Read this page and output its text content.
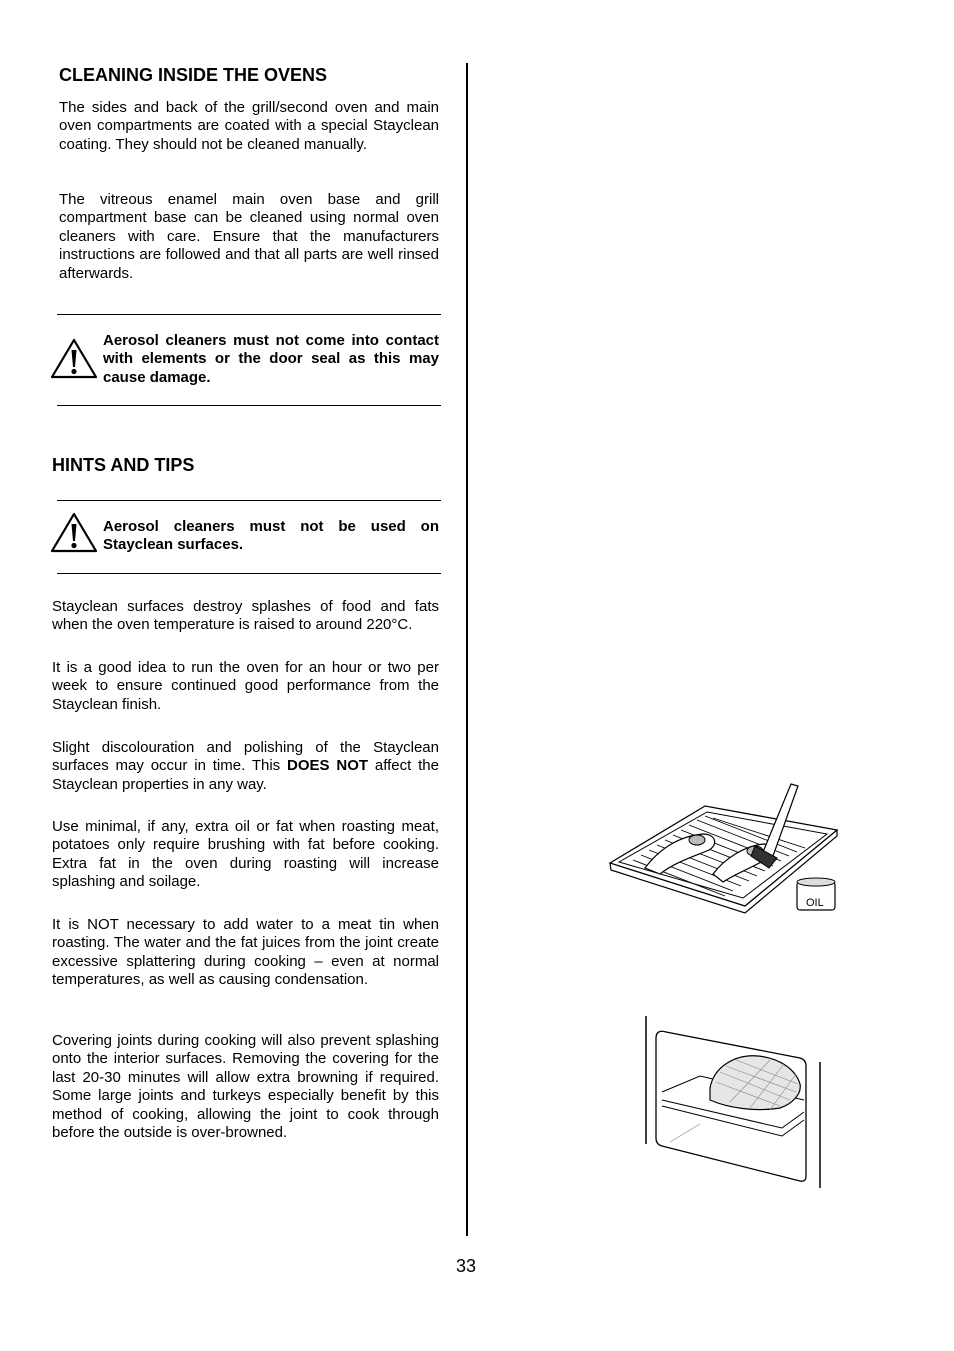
CLEANING INSIDE THE OVENS

The sides and back of the grill/second oven and main oven compartments are coated with a special Stayclean coating. They should not be cleaned manually.

The vitreous enamel main oven base and grill compartment base can be cleaned using normal oven cleaners with care. Ensure that the manufacturers instructions are followed and that all parts are well rinsed afterwards.

Aerosol cleaners must not come into contact with elements or the door seal as this may cause damage.

HINTS AND TIPS

Aerosol cleaners must not be used on Stayclean surfaces.

Stayclean surfaces destroy splashes of food and fats when the oven temperature is raised to around 220°C.

It is a good idea to run the oven for an hour or two per week to ensure continued good performance from the Stayclean finish.

Slight discolouration and polishing of the Stayclean surfaces may occur in time. This DOES NOT affect the Stayclean properties in any way.

Use minimal, if any, extra oil or fat when roasting meat, potatoes only require brushing with fat before cooking. Extra fat in the oven during roasting will increase splashing and soilage.

It is NOT necessary to add water to a meat tin when roasting. The water and the fat juices from the joint create excessive splattering during cooking – even at normal temperatures, as well as causing condensation.

Covering joints during cooking will also prevent splashing onto the interior surfaces. Removing the covering for the last 20-30 minutes will allow extra browning if required. Some large joints and turkeys especially benefit by this method of cooking, allowing the joint to cook through before the outside is over-browned.

OIL
33
